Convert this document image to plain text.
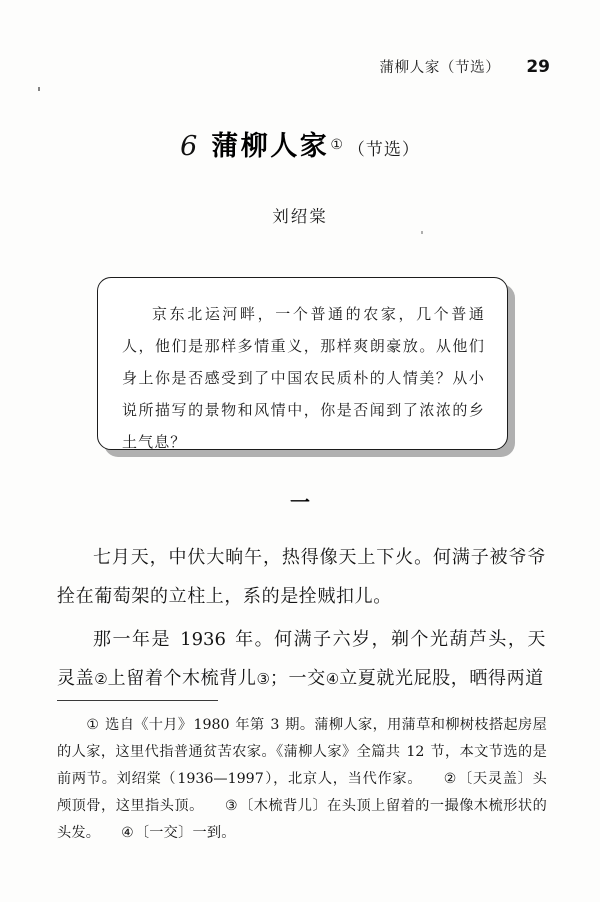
蒲柳人家（节选） 29
6 蒲柳人家① （节选）
刘绍棠
京东北运河畔，一个普通的农家，几个普通人，他们是那样多情重义，那样爽朗豪放。从他们身上你是否感受到了中国农民质朴的人情美？从小说所描写的景物和风情中，你是否闻到了浓浓的乡土气息？
一

七月天，中伏大晌午，热得像天上下火。何满子被爷爷拴在葡萄架的立柱上，系的是拴贼扣儿。

那一年是 1936 年。何满子六岁，剃个光葫芦头，天灵盖②上留着个木梳背儿③；一交④立夏就光屁股，晒得两道

① 选自《十月》1980 年第 3 期。蒲柳人家，用蒲草和柳树枝搭起房屋的人家，这里代指普通贫苦农家。《蒲柳人家》全篇共 12 节，本文节选的是前两节。刘绍棠（1936—1997），北京人，当代作家。 ②〔天灵盖〕头颅顶骨，这里指头顶。 ③〔木梳背儿〕在头顶上留着的一撮像木梳形状的头发。 ④〔一交〕一到。
